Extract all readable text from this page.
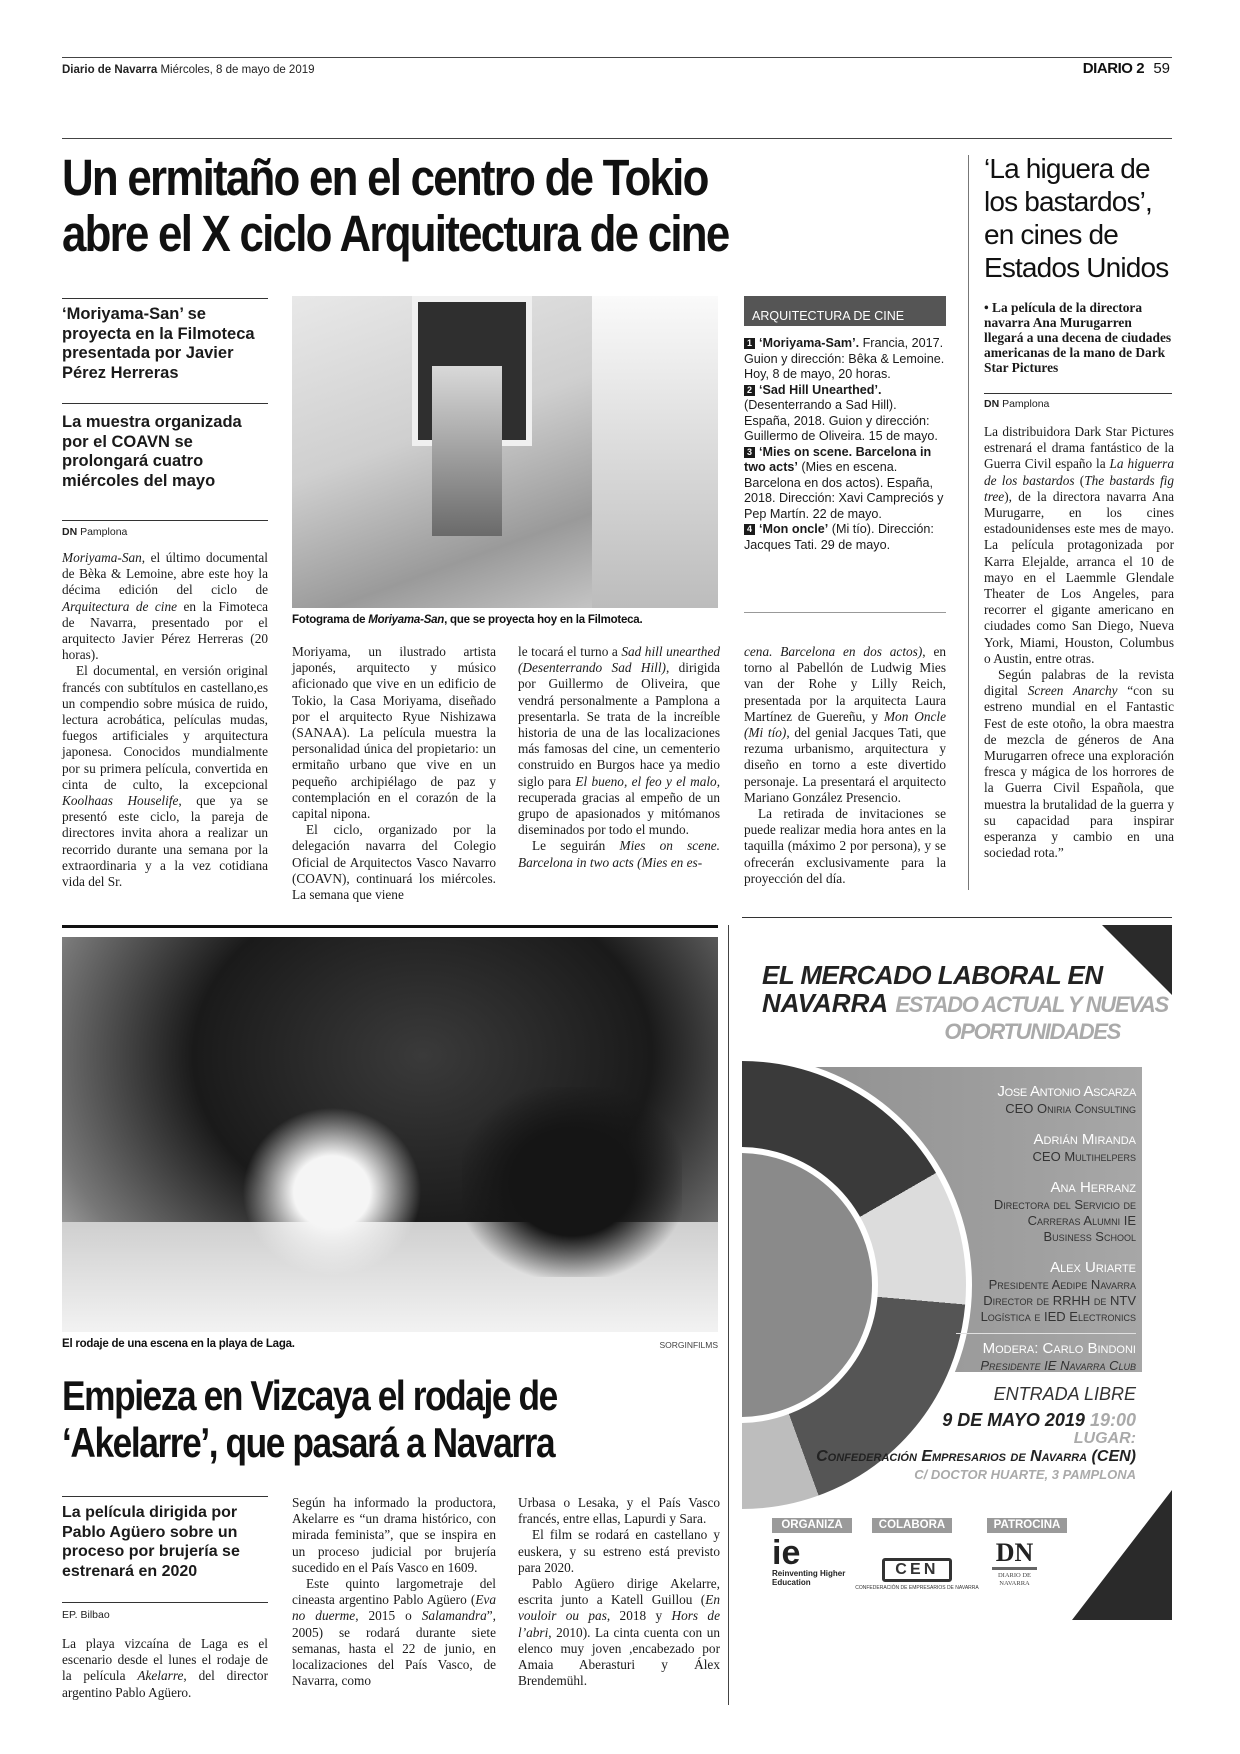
Diario de Navarra Miércoles, 8 de mayo de 2019	DIARIO 2 59
Un ermitaño en el centro de Tokio
abre el X ciclo Arquitectura de cine
‘Moriyama-San’ se proyecta en la Filmoteca presentada por Javier Pérez Herreras
La muestra organizada por el COAVN se prolongará cuatro miércoles del mayo
DN Pamplona
Fotograma de Moriyama-San, que se proyecta hoy en la Filmoteca.

Moriyama-San, el último documental de Bèka & Lemoine, abre este hoy la décima edición del ciclo de Arquitectura de cine en la Fimoteca de Navarra, presentado por el arquitecto Javier Pérez Herreras (20 horas).

El documental, en versión original francés con subtítulos en castellano,es un compendio sobre música de ruido, lectura acrobática, películas mudas, fuegos artificiales y arquitectura japonesa. Conocidos mundialmente por su primera película, convertida en cinta de culto, la excepcional Koolhaas Houselife, que ya se presentó este ciclo, la pareja de directores invita ahora a realizar un recorrido durante una semana por la extraordinaria y a la vez cotidiana vida del Sr.

Moriyama, un ilustrado artista japonés, arquitecto y músico aficionado que vive en un edificio de Tokio, la Casa Moriyama, diseñado por el arquitecto Ryue Nishizawa (SANAA). La película muestra la personalidad única del propietario: un ermitaño urbano que vive en un pequeño archipiélago de paz y contemplación en el corazón de la capital nipona.

El ciclo, organizado por la delegación navarra del Colegio Oficial de Arquitectos Vasco Navarro (COAVN), continuará los miércoles. La semana que viene

le tocará el turno a Sad hill unearthed (Desenterrando Sad Hill), dirigida por Guillermo de Oliveira, que vendrá personalmente a Pamplona a presentarla. Se trata de la increíble historia de una de las localizaciones más famosas del cine, un cementerio construido en Burgos hace ya medio siglo para El bueno, el feo y el malo, recuperada gracias al empeño de un grupo de apasionados y mitómanos diseminados por todo el mundo.

Le seguirán Mies on scene. Barcelona in two acts (Mies en es-

cena. Barcelona en dos actos), en torno al Pabellón de Ludwig Mies van der Rohe y Lilly Reich, presentada por la arquitecta Laura Martínez de Guereñu, y Mon Oncle (Mi tío), del genial Jacques Tati, que rezuma urbanismo, arquitectura y diseño en torno a este divertido personaje. La presentará el arquitecto Mariano González Presencio.

La retirada de invitaciones se puede realizar media hora antes en la taquilla (máximo 2 por persona), y se ofrecerán exclusivamente para la proyección del día.

ARQUITECTURA DE CINE
1 ‘Moriyama-Sam’. Francia, 2017. Guion y dirección: Bêka & Lemoine. Hoy, 8 de mayo, 20 horas.
2 ‘Sad Hill Unearthed’. (Desenterrando a Sad Hill). España, 2018. Guion y dirección: Guillermo de Oliveira. 15 de mayo.
3 ‘Mies on scene. Barcelona in two acts’ (Mies en escena. Barcelona en dos actos). España, 2018. Dirección: Xavi Campreciós y Pep Martín. 22 de mayo.
4 ‘Mon oncle’ (Mi tío). Dirección: Jacques Tati. 29 de mayo.
‘La higuera de los bastardos’, en cines de Estados Unidos
• La película de la directora navarra Ana Murugarren llegará a una decena de ciudades americanas de la mano de Dark Star Pictures
DN Pamplona

La distribuidora Dark Star Pictures estrenará el drama fantástico de la Guerra Civil españo la La higuerra de los bastardos (The bastards fig tree), de la directora navarra Ana Murugarre, en los cines estadounidenses este mes de mayo. La película protagonizada por Karra Elejalde, arranca el 10 de mayo en el Laemmle Glendale Theater de Los Angeles, para recorrer el gigante americano en ciudades como San Diego, Nueva York, Miami, Houston, Columbus o Austin, entre otras.

Según palabras de la revista digital Screen Anarchy “con su estreno mundial en el Fantastic Fest de este otoño, la obra maestra de mezcla de géneros de Ana Murugarren ofrece una exploración fresca y mágica de los horrores de la Guerra Civil Española, que muestra la brutalidad de la guerra y su capacidad para inspirar esperanza y cambio en una sociedad rota.”

El rodaje de una escena en la playa de Laga.	SORGINFILMS
Empieza en Vizcaya el rodaje de
‘Akelarre’, que pasará a Navarra
La película dirigida por Pablo Agüero sobre un proceso por brujería se estrenará en 2020
EP. Bilbao

La playa vizcaína de Laga es el escenario desde el lunes el rodaje de la película Akelarre, del director argentino Pablo Agüero.

Según ha informado la productora, Akelarre es “un drama histórico, con mirada feminista”, que se inspira en un proceso judicial por brujería sucedido en el País Vasco en 1609.

Este quinto largometraje del cineasta argentino Pablo Agüero (Eva no duerme, 2015 o Salamandra”, 2005) se rodará durante siete semanas, hasta el 22 de junio, en localizaciones del País Vasco, de Navarra, como

Urbasa o Lesaka, y el País Vasco francés, entre ellas, Lapurdi y Sara.

El film se rodará en castellano y euskera, y su estreno está previsto para 2020.

Pablo Agüero dirige Akelarre, escrita junto a Katell Guillou (En vouloir ou pas, 2018 y Hors de l’abri, 2010). La cinta cuenta con un elenco muy joven ,encabezado por Amaia Aberasturi y Álex Brendemühl.

EL MERCADO LABORAL EN
NAVARRA ESTADO ACTUAL Y NUEVAS
OPORTUNIDADES
Jose Antonio Ascarza
CEO Oniria Consulting
Adrián Miranda
CEO Multihelpers
Ana Herranz
Directora del Servicio de
Carreras Alumni IE
Business School
Alex Uriarte
Presidente Aedipe Navarra
Director de RRHH de NTV
Logística e IED Electronics
Modera: Carlo Bindoni
Presidente IE Navarra Club
ENTRADA LIBRE
9 DE MAYO 2019 19:00
LUGAR:
Confederación Empresarios de Navarra (CEN)
C/ DOCTOR HUARTE, 3 PAMPLONA
ORGANIZA
ie
Reinventing Higher Education
COLABORA
CEN
CONFEDERACIÓN DE EMPRESARIOS DE NAVARRA
PATROCINA
DN
DIARIO DE NAVARRA
